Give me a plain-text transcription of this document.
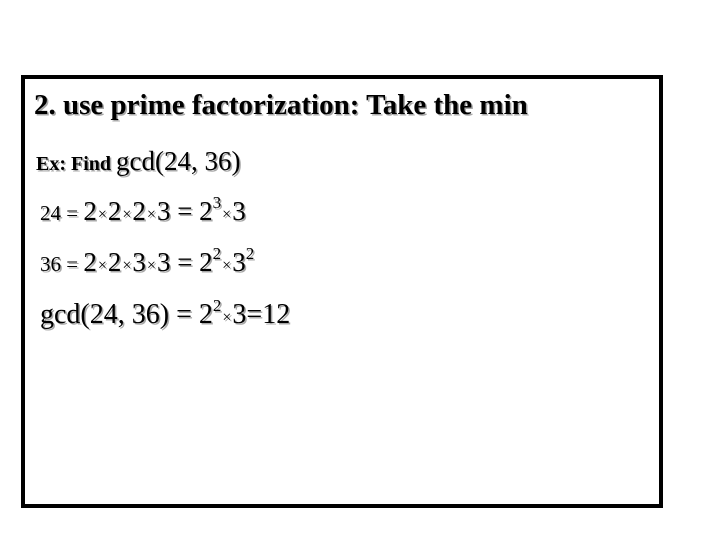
2. use prime factorization: Take the min
Ex: Find gcd(24, 36)
$24 = 2\times 2\times 2\times 3 = 2^3\times 3$
$36 = 2\times 2\times 3\times 3 = 2^2\times 3^2$
gcd(24, $36) = 2^2\times 3=12$
